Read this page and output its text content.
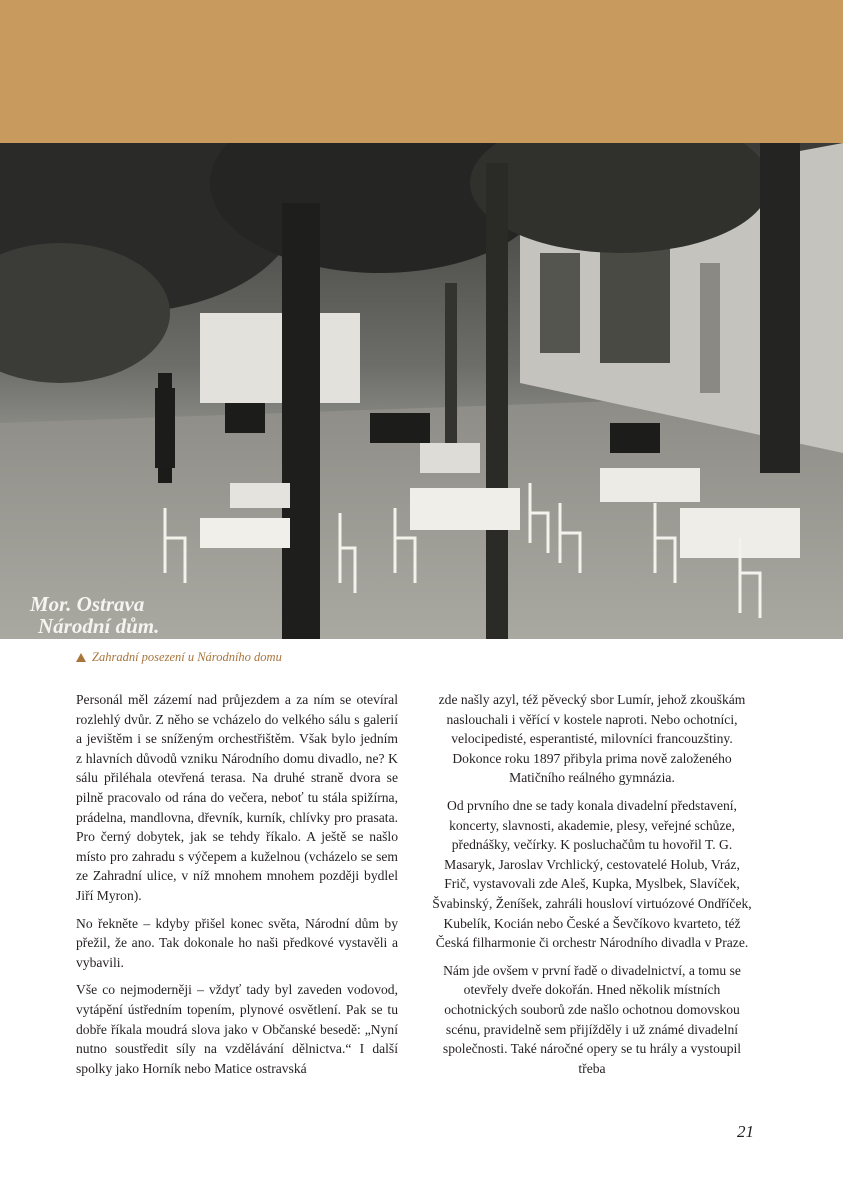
Mor. Ostrava
Národní dům.
Zahradní posezení u Národního domu

Personál měl zázemí nad průjezdem a za ním se otevíral rozlehlý dvůr. Z něho se vcházelo do velkého sálu s galerií a jevištěm i se sníženým orchestřištěm. Však bylo jedním z hlavních důvodů vzniku Národního domu divadlo, ne? K sálu přiléhala otevřená terasa. Na druhé straně dvora se pilně pracovalo od rána do večera, neboť tu stála spižírna, prádelna, mandlovna, dřevník, kurník, chlívky pro prasata. Pro černý dobytek, jak se tehdy říkalo. A ještě se našlo místo pro zahradu s výčepem a kuželnou (vcházelo se sem ze Zahradní ulice, v níž mnohem mnohem později bydlel Jiří Myron).

No řekněte – kdyby přišel konec světa, Národní dům by přežil, že ano. Tak dokonale ho naši předkové vystavěli a vybavili.

Vše co nejmoderněji – vždyť tady byl zaveden vodovod, vytápění ústředním topením, plynové osvětlení. Pak se tu dobře říkala moudrá slova jako v Občanské besedě: „Nyní nutno soustředit síly na vzdělávání dělnictva.“ I další spolky jako Horník nebo Matice ostravská

zde našly azyl, též pěvecký sbor Lumír, jehož zkouškám naslouchali i věřící v kostele naproti. Nebo ochotníci, velocipedisté, esperantisté, milovníci francouzštiny. Dokonce roku 1897 přibyla prima nově založeného Matičního reálného gymnázia.

Od prvního dne se tady konala divadelní představení, koncerty, slavnosti, akademie, plesy, veřejné schůze, přednášky, večírky. K posluchačům tu hovořil T. G. Masaryk, Jaroslav Vrchlický, cestovatelé Holub, Vráz, Frič, vystavovali zde Aleš, Kupka, Myslbek, Slavíček, Švabinský, Ženíšek, zahráli housloví virtuózové Ondříček, Kubelík, Kocián nebo České a Ševčíkovo kvarteto, též Česká filharmonie či orchestr Národního divadla v Praze.

Nám jde ovšem v první řadě o divadelnictví, a tomu se otevřely dveře dokořán. Hned několik místních ochotnických souborů zde našlo ochotnou domovskou scénu, pravidelně sem přijížděly i už známé divadelní společnosti. Také náročné opery se tu hrály a vystoupil třeba

21
